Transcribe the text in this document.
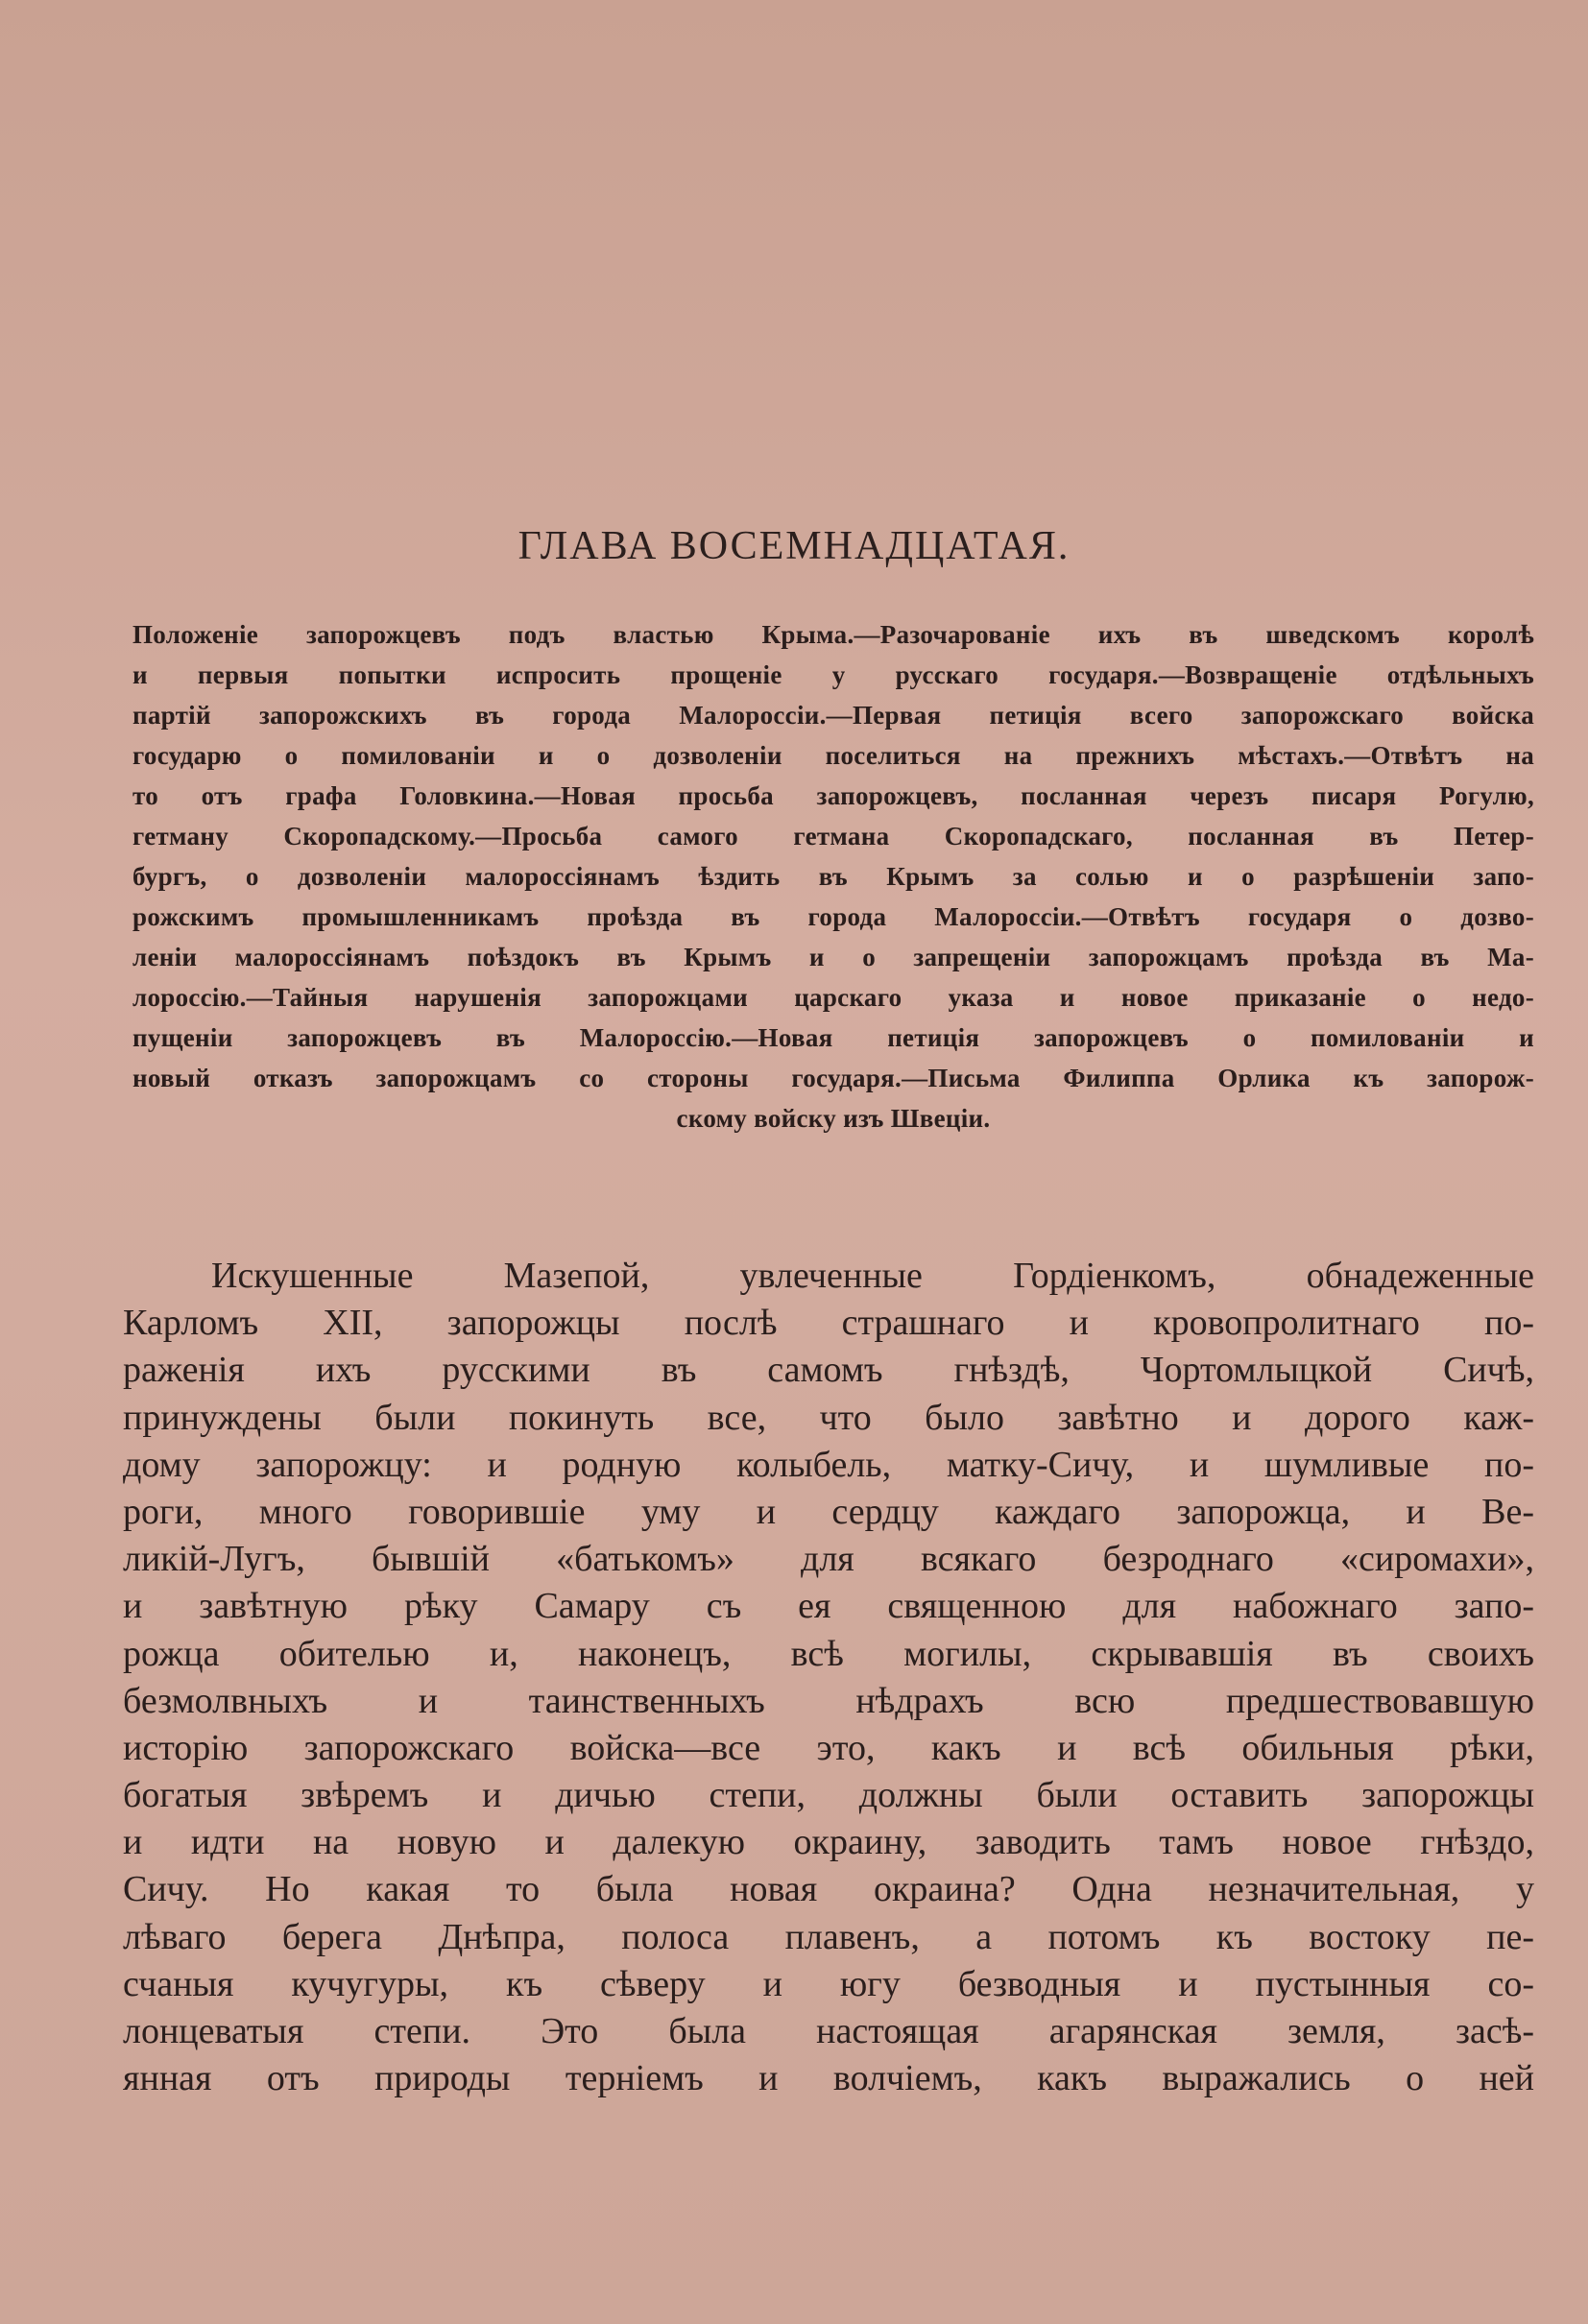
ГЛАВА ВОСЕМНАДЦАТАЯ.
Положеніе запорожцевъ подъ властью Крыма.—Разочарованіе ихъ въ шведскомъ королѣ
и первыя попытки испросить прощеніе у русскаго государя.—Возвращеніе отдѣльныхъ
партій запорожскихъ въ города Малороссіи.—Первая петиція всего запорожскаго войска
государю о помилованіи и о дозволеніи поселиться на прежнихъ мѣстахъ.—Отвѣтъ на
то отъ графа Головкина.—Новая просьба запорожцевъ, посланная черезъ писаря Рогулю,
гетману Скоропадскому.—Просьба самого гетмана Скоропадскаго, посланная въ Петер-
бургъ, о дозволеніи малороссіянамъ ѣздить въ Крымъ за солью и о разрѣшеніи запо-
рожскимъ промышленникамъ проѣзда въ города Малороссіи.—Отвѣтъ государя о дозво-
леніи малороссіянамъ поѣздокъ въ Крымъ и о запрещеніи запорожцамъ проѣзда въ Ма-
лороссію.—Тайныя нарушенія запорожцами царскаго указа и новое приказаніе о недо-
пущеніи запорожцевъ въ Малороссію.—Новая петиція запорожцевъ о помилованіи и
новый отказъ запорожцамъ со стороны государя.—Письма Филиппа Орлика къ запорож-
скому войску изъ Швеціи.
Искушенные Мазепой, увлеченные Гордіенкомъ, обнадеженные
Карломъ XII, запорожцы послѣ страшнаго и кровопролитнаго по-
раженія ихъ русскими въ самомъ гнѣздѣ, Чортомлыцкой Сичѣ,
принуждены были покинуть все, что было завѣтно и дорого каж-
дому запорожцу: и родную колыбель, матку-Сичу, и шумливые по-
роги, много говорившіе уму и сердцу каждаго запорожца, и Ве-
ликій-Лугъ, бывшій «батькомъ» для всякаго безроднаго «сиромахи»,
и завѣтную рѣку Самару съ ея священною для набожнаго запо-
рожца обителью и, наконецъ, всѣ могилы, скрывавшія въ своихъ
безмолвныхъ и таинственныхъ нѣдрахъ всю предшествовавшую
исторію запорожскаго войска—все это, какъ и всѣ обильныя рѣки,
богатыя звѣремъ и дичью степи, должны были оставить запорожцы
и идти на новую и далекую окраину, заводить тамъ новое гнѣздо,
Сичу. Но какая то была новая окраина? Одна незначительная, у
лѣваго берега Днѣпра, полоса плавенъ, а потомъ къ востоку пе-
счаныя кучугуры, къ сѣверу и югу безводныя и пустынныя со-
лонцеватыя степи. Это была настоящая агарянская земля, засѣ-
янная отъ природы терніемъ и волчіемъ, какъ выражались о ней
